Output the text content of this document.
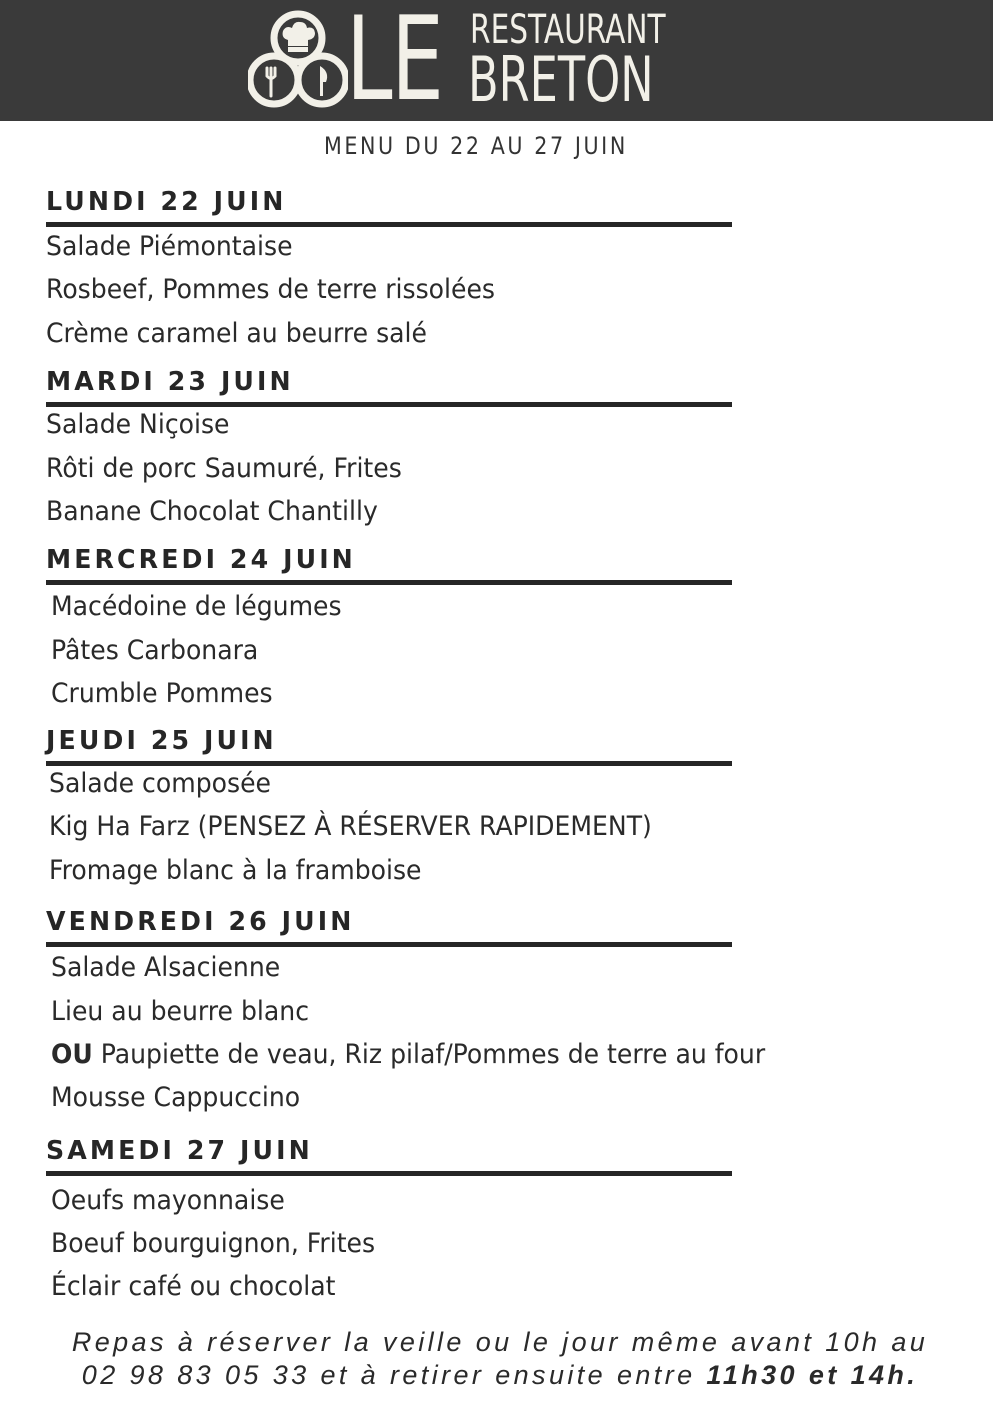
LE RESTAURANT
BRETON
MENU DU 22 AU 27 JUIN
LUNDI 22 JUIN
Salade Piémontaise
Rosbeef, Pommes de terre rissolées
Crème caramel au beurre salé
MARDI 23 JUIN
Salade Niçoise
Rôti de porc Saumuré, Frites
Banane Chocolat Chantilly
MERCREDI 24 JUIN
Macédoine de légumes
Pâtes Carbonara
Crumble Pommes
JEUDI 25 JUIN
Salade composée
Kig Ha Farz (PENSEZ À RÉSERVER RAPIDEMENT)
Fromage blanc à la framboise
VENDREDI 26 JUIN
Salade Alsacienne
Lieu au beurre blanc
OU Paupiette de veau, Riz pilaf/Pommes de terre au four
Mousse Cappuccino
SAMEDI 27 JUIN
Oeufs mayonnaise
Boeuf bourguignon, Frites
Éclair café ou chocolat
Repas à réserver la veille ou le jour même avant 10h au
02 98 83 05 33 et à retirer ensuite entre 11h30 et 14h.
